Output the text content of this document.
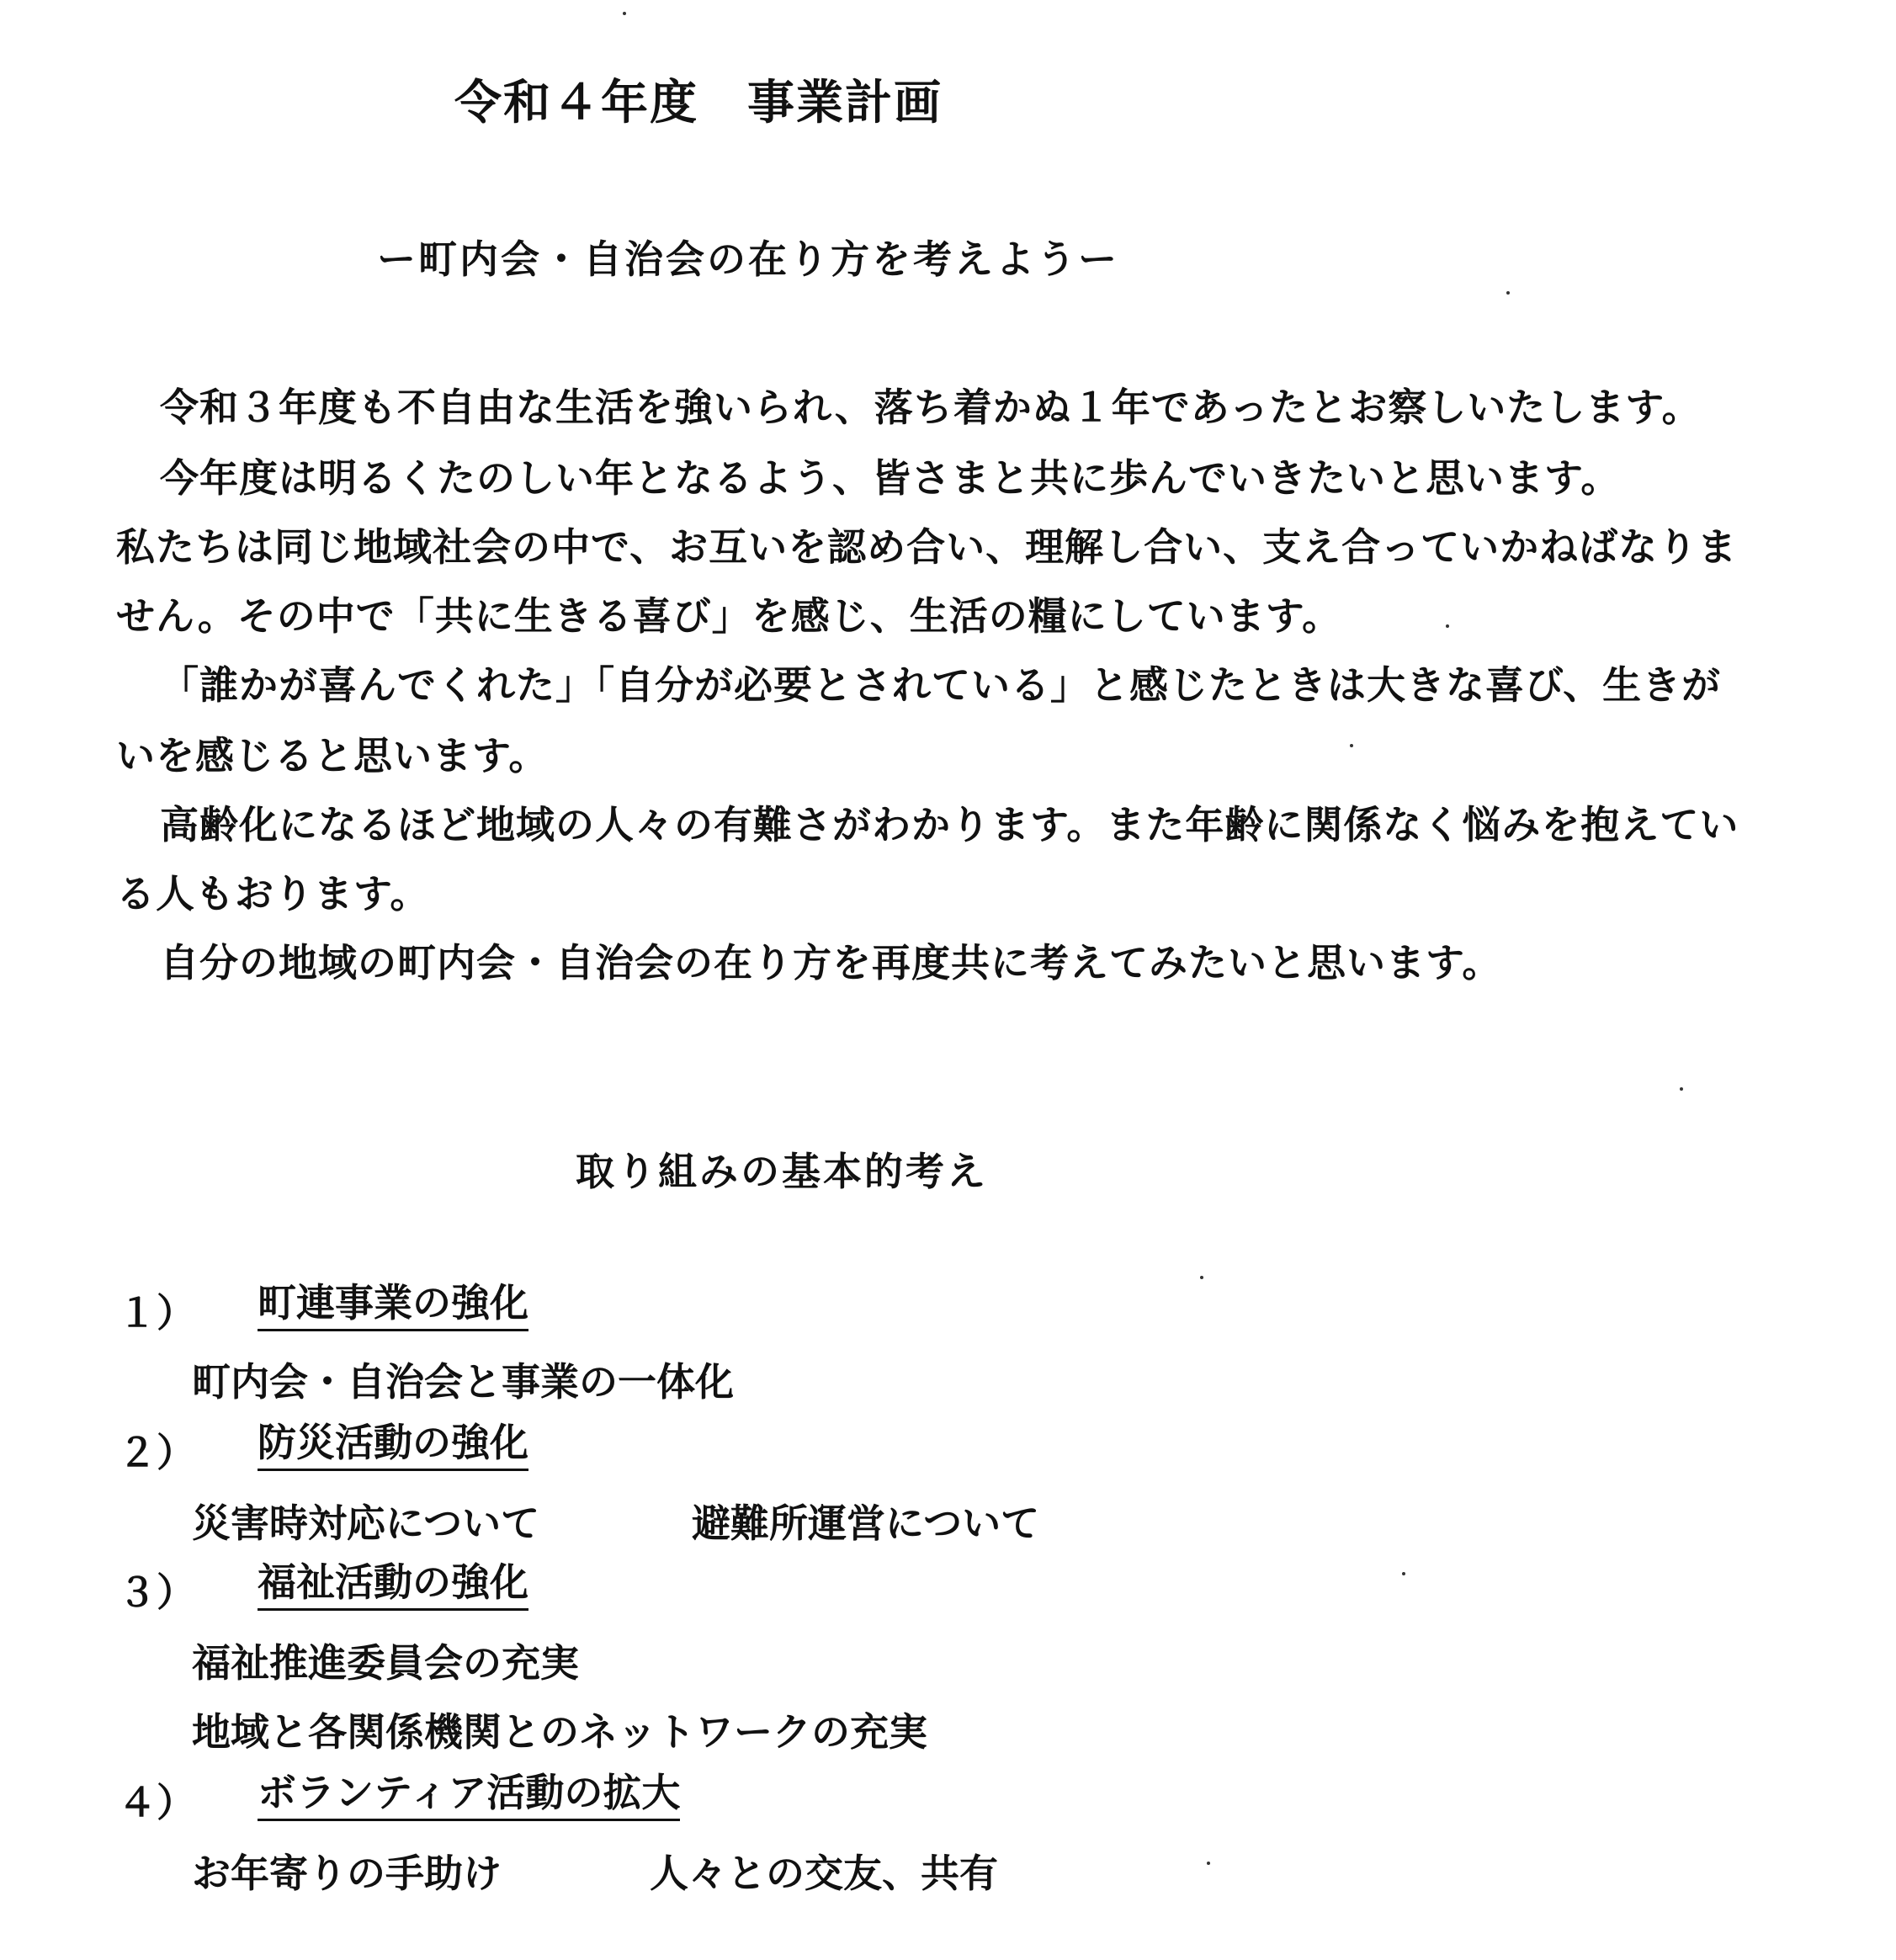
令和４年度　事業計画
ー町内会・自治会の在り方を考えようー
令和３年度も不自由な生活を強いられ、落ち着かぬ１年であったとお察しいたします。
今年度は明るくたのしい年となるよう、皆さまと共に歩んでいきたいと思います。
私たちは同じ地域社会の中で、お互いを認め合い、理解し合い、支え合っていかねばなりま
せん。その中で「共に生きる喜び」を感じ、生活の糧にしています。
「誰かが喜んでくれた」「自分が必要とされている」と感じたときは大きな喜び、生きが
いを感じると思います。
高齢化になるほど地域の人々の有難さがわかります。また年齢に関係なく悩みを抱えてい
る人もおります。
自分の地域の町内会・自治会の在り方を再度共に考えてみたいと思います。
取り組みの基本的考え
１） 町連事業の強化
町内会・自治会と事業の一体化
２） 防災活動の強化
災害時対応について	避難所運営について
３） 福祉活動の強化
福祉推進委員会の充実
地域と各関係機関とのネットワークの充実
４） ボランティア活動の拡大
お年寄りの手助け	人々との交友、共有
